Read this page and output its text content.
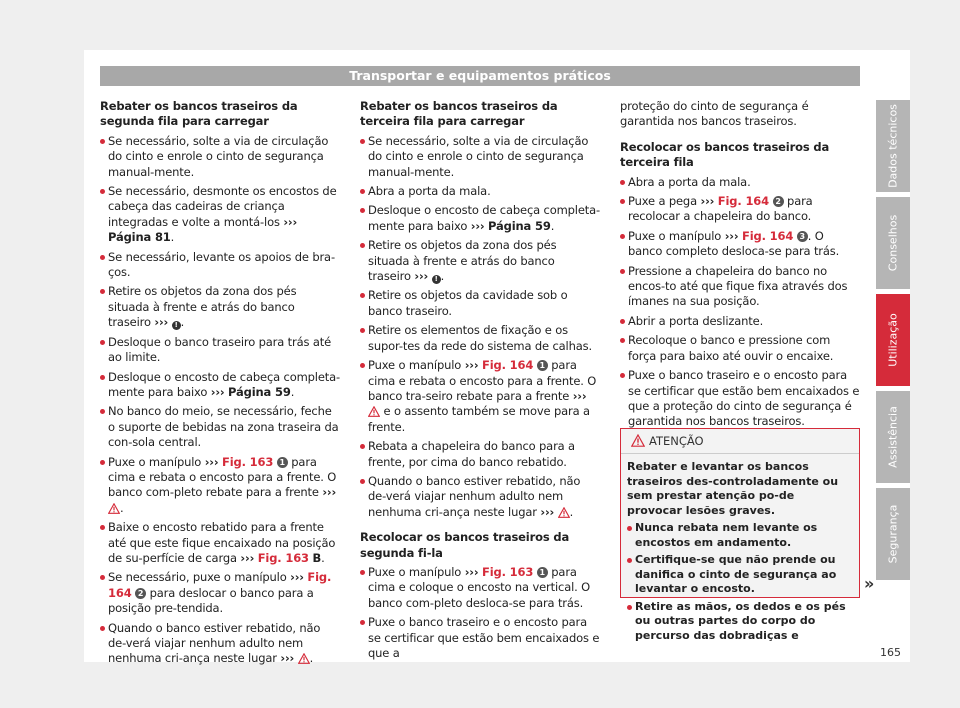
Transportar e equipamentos práticos
Rebater os bancos traseiros da segunda fila para carregar
Se necessário, solte a via de circulação do cinto e enrole o cinto de segurança manual-mente.
Se necessário, desmonte os encostos de cabeça das cadeiras de criança integradas e volte a montá-los ››› Página 81.
Se necessário, levante os apoios de bra-ços.
Retire os objetos da zona dos pés situada à frente e atrás do banco traseiro ››› ! .
Desloque o banco traseiro para trás até ao limite.
Desloque o encosto de cabeça completa-mente para baixo ››› Página 59.
No banco do meio, se necessário, feche o suporte de bebidas na zona traseira da con-sola central.
Puxe o manípulo ››› Fig. 163 1 para cima e rebata o encosto para a frente. O banco com-pleto rebate para a frente ››› .
Baixe o encosto rebatido para a frente até que este fique encaixado na posição de su-perfície de carga ››› Fig. 163 B.
Se necessário, puxe o manípulo ››› Fig. 164 2 para deslocar o banco para a posição pre-tendida.
Quando o banco estiver rebatido, não de-verá viajar nenhum adulto nem nenhuma cri-ança neste lugar ››› .
Rebater os bancos traseiros da terceira fila para carregar
Se necessário, solte a via de circulação do cinto e enrole o cinto de segurança manual-mente.
Abra a porta da mala.
Desloque o encosto de cabeça completa-mente para baixo ››› Página 59.
Retire os objetos da zona dos pés situada à frente e atrás do banco traseiro ››› ! .
Retire os objetos da cavidade sob o banco traseiro.
Retire os elementos de fixação e os supor-tes da rede do sistema de calhas.
Puxe o manípulo ››› Fig. 164 1 para cima e rebata o encosto para a frente. O banco tra-seiro rebate para a frente ›››  e o assento também se move para a frente.
Rebata a chapeleira do banco para a frente, por cima do banco rebatido.
Quando o banco estiver rebatido, não de-verá viajar nenhum adulto nem nenhuma cri-ança neste lugar ››› .
Recolocar os bancos traseiros da segunda fi-la
Puxe o manípulo ››› Fig. 163 1 para cima e coloque o encosto na vertical. O banco com-pleto desloca-se para trás.
Puxe o banco traseiro e o encosto para se certificar que estão bem encaixados e que a

proteção do cinto de segurança é garantida nos bancos traseiros.

Recolocar os bancos traseiros da terceira fila
Abra a porta da mala.
Puxe a pega ››› Fig. 164 2 para recolocar a chapeleira do banco.
Puxe o manípulo ››› Fig. 164 3 . O banco completo desloca-se para trás.
Pressione a chapeleira do banco no encos-to até que fique fixa através dos ímanes na sua posição.
Abrir a porta deslizante.
Recoloque o banco e pressione com força para baixo até ouvir o encaixe.
Puxe o banco traseiro e o encosto para se certificar que estão bem encaixados e que a proteção do cinto de segurança é garantida nos bancos traseiros.
ATENÇÃO

Rebater e levantar os bancos traseiros des-controladamente ou sem prestar atenção po-de provocar lesões graves.

Nunca rebata nem levante os encostos em andamento.
Certifique-se que não prende ou danifica o cinto de segurança ao levantar o encosto.
Retire as mãos, os dedos e os pés ou outras partes do corpo do percurso das dobradiças e
»
Dados técnicos
Conselhos
Utilização
Assistência
Segurança
165
